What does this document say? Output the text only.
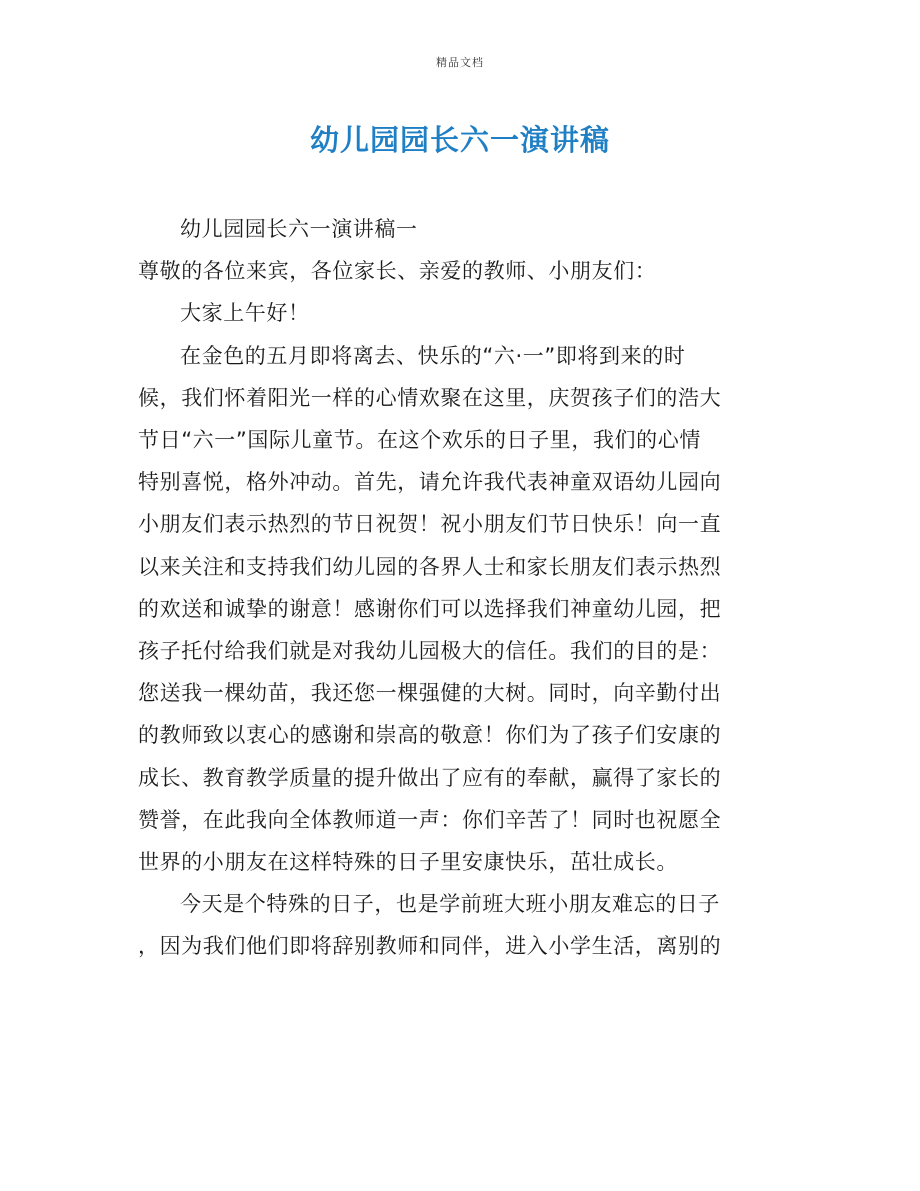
精品文档
幼儿园园长六一演讲稿

幼儿园园长六一演讲稿一

尊敬的各位来宾，各位家长、亲爱的教师、小朋友们：

大家上午好！

在金色的五月即将离去、快乐的“六·一”即将到来的时
候，我们怀着阳光一样的心情欢聚在这里，庆贺孩子们的浩大
节日“六一”国际儿童节。在这个欢乐的日子里，我们的心情
特别喜悦，格外冲动。首先，请允许我代表神童双语幼儿园向
小朋友们表示热烈的节日祝贺！祝小朋友们节日快乐！向一直
以来关注和支持我们幼儿园的各界人士和家长朋友们表示热烈
的欢送和诚挚的谢意！感谢你们可以选择我们神童幼儿园，把
孩子托付给我们就是对我幼儿园极大的信任。我们的目的是：
您送我一棵幼苗，我还您一棵强健的大树。同时，向辛勤付出
的教师致以衷心的感谢和崇高的敬意！你们为了孩子们安康的
成长、教育教学质量的提升做出了应有的奉献，赢得了家长的
赞誉，在此我向全体教师道一声：你们辛苦了！同时也祝愿全
世界的小朋友在这样特殊的日子里安康快乐，茁壮成长。

今天是个特殊的日子，也是学前班大班小朋友难忘的日子
，因为我们他们即将辞别教师和同伴，进入小学生活，离别的
